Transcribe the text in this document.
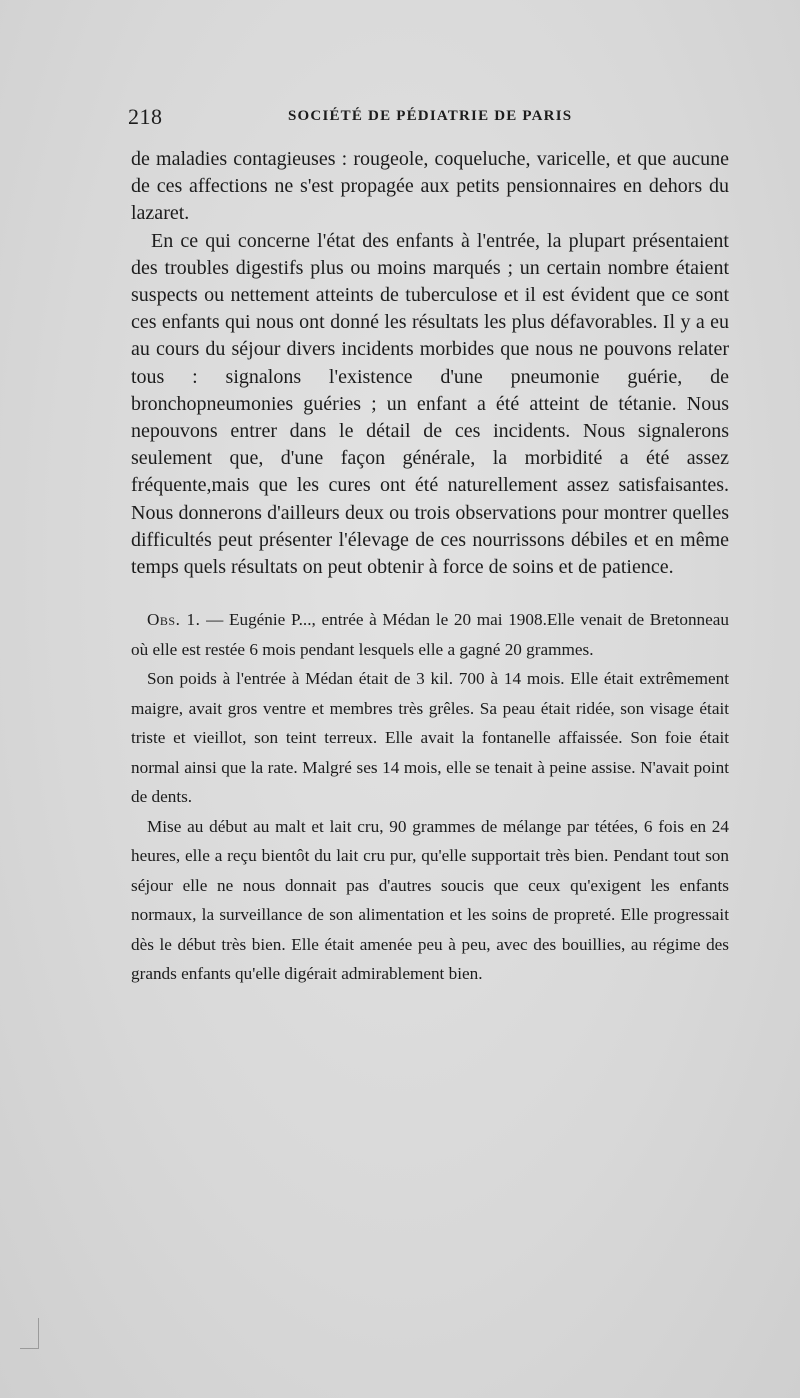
218	SOCIÉTÉ DE PÉDIATRIE DE PARIS

de maladies contagieuses : rougeole, coqueluche, varicelle, et que aucune de ces affections ne s'est propagée aux petits pensionnaires en dehors du lazaret.

En ce qui concerne l'état des enfants à l'entrée, la plupart présentaient des troubles digestifs plus ou moins marqués ; un certain nombre étaient suspects ou nettement atteints de tuberculose et il est évident que ce sont ces enfants qui nous ont donné les résultats les plus défavorables. Il y a eu au cours du séjour divers incidents morbides que nous ne pouvons relater tous : signalons l'existence d'une pneumonie guérie, de bronchopneumonies guéries ; un enfant a été atteint de tétanie. Nous nepouvons entrer dans le détail de ces incidents. Nous signalerons seulement que, d'une façon générale, la morbidité a été assez fréquente,mais que les cures ont été naturellement assez satisfaisantes. Nous donnerons d'ailleurs deux ou trois observations pour montrer quelles difficultés peut présenter l'élevage de ces nourrissons débiles et en même temps quels résultats on peut obtenir à force de soins et de patience.

Obs. 1. — Eugénie P..., entrée à Médan le 20 mai 1908.Elle venait de Bretonneau où elle est restée 6 mois pendant lesquels elle a gagné 20 grammes.

Son poids à l'entrée à Médan était de 3 kil. 700 à 14 mois. Elle était extrêmement maigre, avait gros ventre et membres très grêles. Sa peau était ridée, son visage était triste et vieillot, son teint terreux. Elle avait la fontanelle affaissée. Son foie était normal ainsi que la rate. Malgré ses 14 mois, elle se tenait à peine assise. N'avait point de dents.

Mise au début au malt et lait cru, 90 grammes de mélange par tétées, 6 fois en 24 heures, elle a reçu bientôt du lait cru pur, qu'elle supportait très bien. Pendant tout son séjour elle ne nous donnait pas d'autres soucis que ceux qu'exigent les enfants normaux, la surveillance de son alimentation et les soins de propreté. Elle progressait dès le début très bien. Elle était amenée peu à peu, avec des bouillies, au régime des grands enfants qu'elle digérait admirablement bien.
